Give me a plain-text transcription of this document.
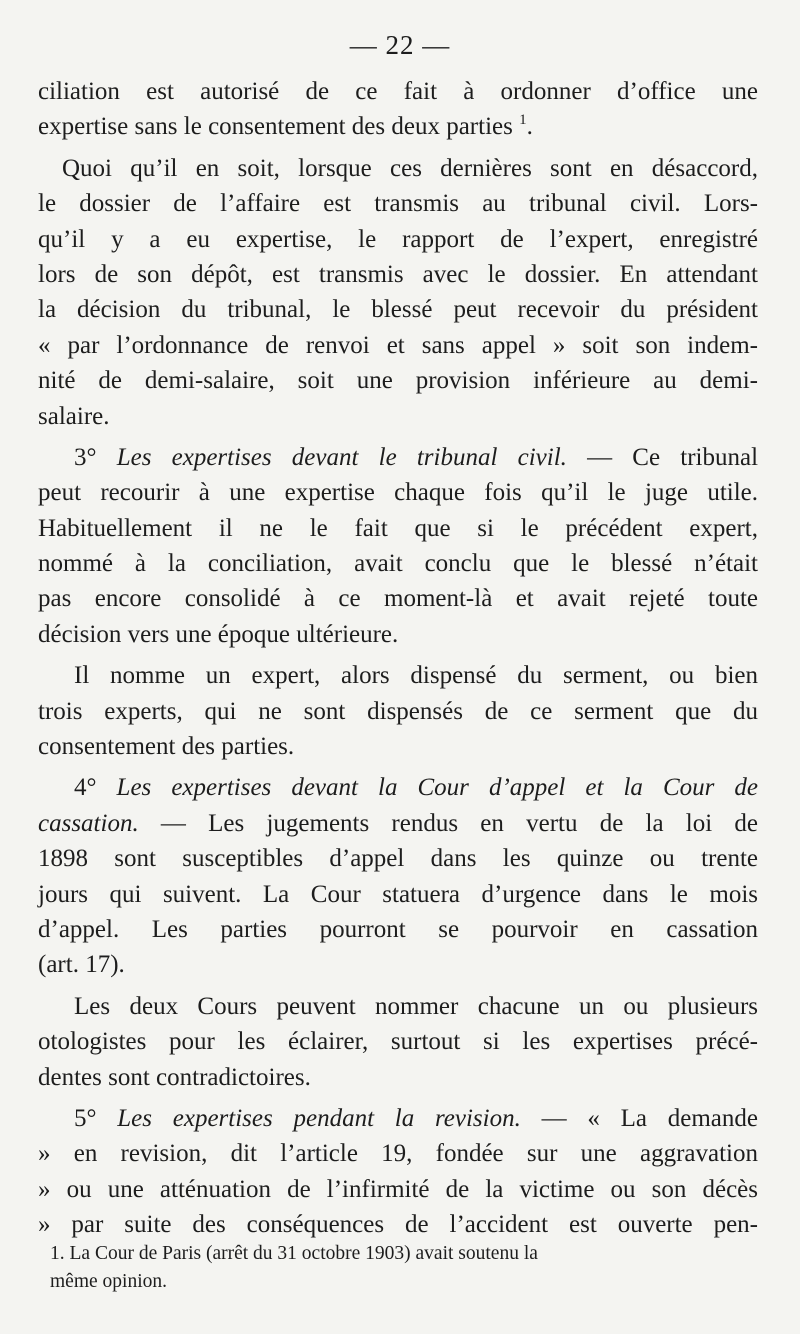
— 22 —
ciliation est autorisé de ce fait à ordonner d’office une
expertise sans le consentement des deux parties $^1$.
Quoi qu’il en soit, lorsque ces dernières sont en désaccord,
le dossier de l’affaire est transmis au tribunal civil. Lors-
qu’il y a eu expertise, le rapport de l’expert, enregistré
lors de son dépôt, est transmis avec le dossier. En attendant
la décision du tribunal, le blessé peut recevoir du président
« par l’ordonnance de renvoi et sans appel » soit son indem-
nité de demi-salaire, soit une provision inférieure au demi-
salaire.
3° Les expertises devant le tribunal civil. — Ce tribunal
peut recourir à une expertise chaque fois qu’il le juge utile.
Habituellement il ne le fait que si le précédent expert,
nommé à la conciliation, avait conclu que le blessé n’était
pas encore consolidé à ce moment-là et avait rejeté toute
décision vers une époque ultérieure.
Il nomme un expert, alors dispensé du serment, ou bien
trois experts, qui ne sont dispensés de ce serment que du
consentement des parties.
4° Les expertises devant la Cour d’appel et la Cour de
cassation. — Les jugements rendus en vertu de la loi de
1898 sont susceptibles d’appel dans les quinze ou trente
jours qui suivent. La Cour statuera d’urgence dans le mois
d’appel. Les parties pourront se pourvoir en cassation
(art. 17).
Les deux Cours peuvent nommer chacune un ou plusieurs
otologistes pour les éclairer, surtout si les expertises précé-
dentes sont contradictoires.
5° Les expertises pendant la revision. — « La demande
» en revision, dit l’article 19, fondée sur une aggravation
» ou une atténuation de l’infirmité de la victime ou son décès
» par suite des conséquences de l’accident est ouverte pen-
1. La Cour de Paris (arrêt du 31 octobre 1903) avait soutenu la
même opinion.
